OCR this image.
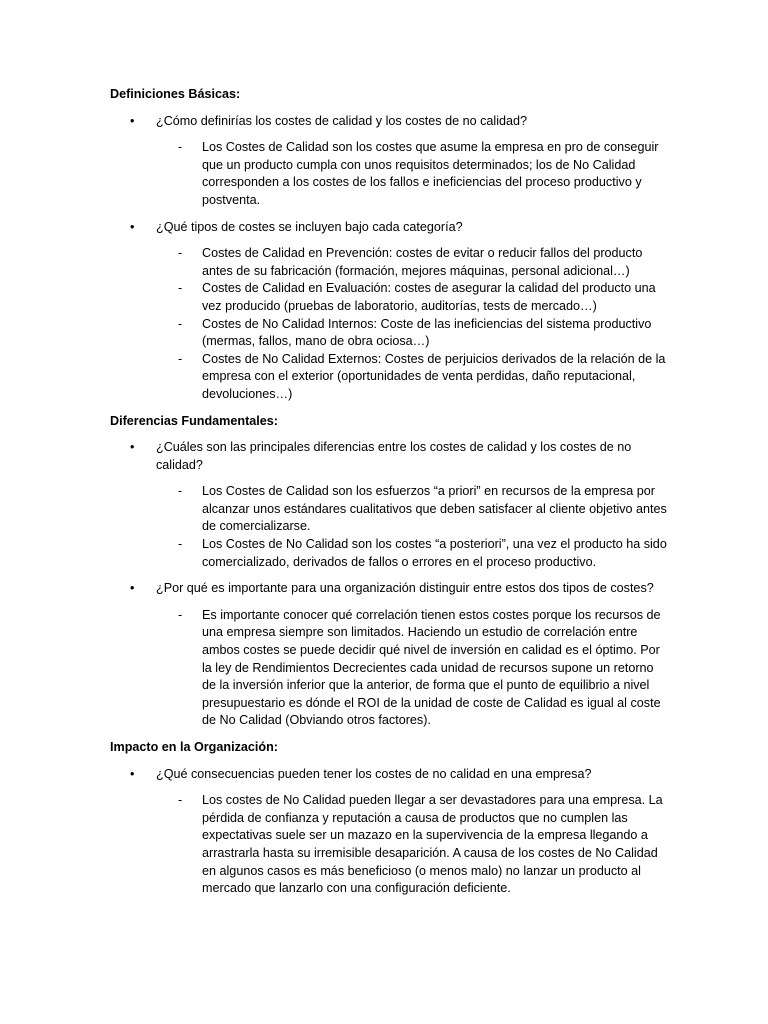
Definiciones Básicas:
• ¿Cómo definirías los costes de calidad y los costes de no calidad?
- Los Costes de Calidad son los costes que asume la empresa en pro de conseguir que un producto cumpla con unos requisitos determinados; los de No Calidad corresponden a los costes de los fallos e ineficiencias del proceso productivo y postventa.
• ¿Qué tipos de costes se incluyen bajo cada categoría?
- Costes de Calidad en Prevención: costes de evitar o reducir fallos del producto antes de su fabricación (formación, mejores máquinas, personal adicional…)
- Costes de Calidad en Evaluación: costes de asegurar la calidad del producto una vez producido (pruebas de laboratorio, auditorías, tests de mercado…)
- Costes de No Calidad Internos: Coste de las ineficiencias del sistema productivo (mermas, fallos, mano de obra ociosa…)
- Costes de No Calidad Externos: Costes de perjuicios derivados de la relación de la empresa con el exterior (oportunidades de venta perdidas, daño reputacional, devoluciones…)
Diferencias Fundamentales:
• ¿Cuáles son las principales diferencias entre los costes de calidad y los costes de no calidad?
- Los Costes de Calidad son los esfuerzos “a priori” en recursos de la empresa por alcanzar unos estándares cualitativos que deben satisfacer al cliente objetivo antes de comercializarse.
- Los Costes de No Calidad son los costes “a posteriori”, una vez el producto ha sido comercializado, derivados de fallos o errores en el proceso productivo.
• ¿Por qué es importante para una organización distinguir entre estos dos tipos de costes?
- Es importante conocer qué correlación tienen estos costes porque los recursos de una empresa siempre son limitados. Haciendo un estudio de correlación entre ambos costes se puede decidir qué nivel de inversión en calidad es el óptimo. Por la ley de Rendimientos Decrecientes cada unidad de recursos supone un retorno de la inversión inferior que la anterior, de forma que el punto de equilibrio a nivel presupuestario es dónde el ROI de la unidad de coste de Calidad es igual al coste de No Calidad (Obviando otros factores).
Impacto en la Organización:
• ¿Qué consecuencias pueden tener los costes de no calidad en una empresa?
- Los costes de No Calidad pueden llegar a ser devastadores para una empresa. La pérdida de confianza y reputación a causa de productos que no cumplen las expectativas suele ser un mazazo en la supervivencia de la empresa llegando a arrastrarla hasta su irremisible desaparición. A causa de los costes de No Calidad en algunos casos es más beneficioso (o menos malo) no lanzar un producto al mercado que lanzarlo con una configuración deficiente.
